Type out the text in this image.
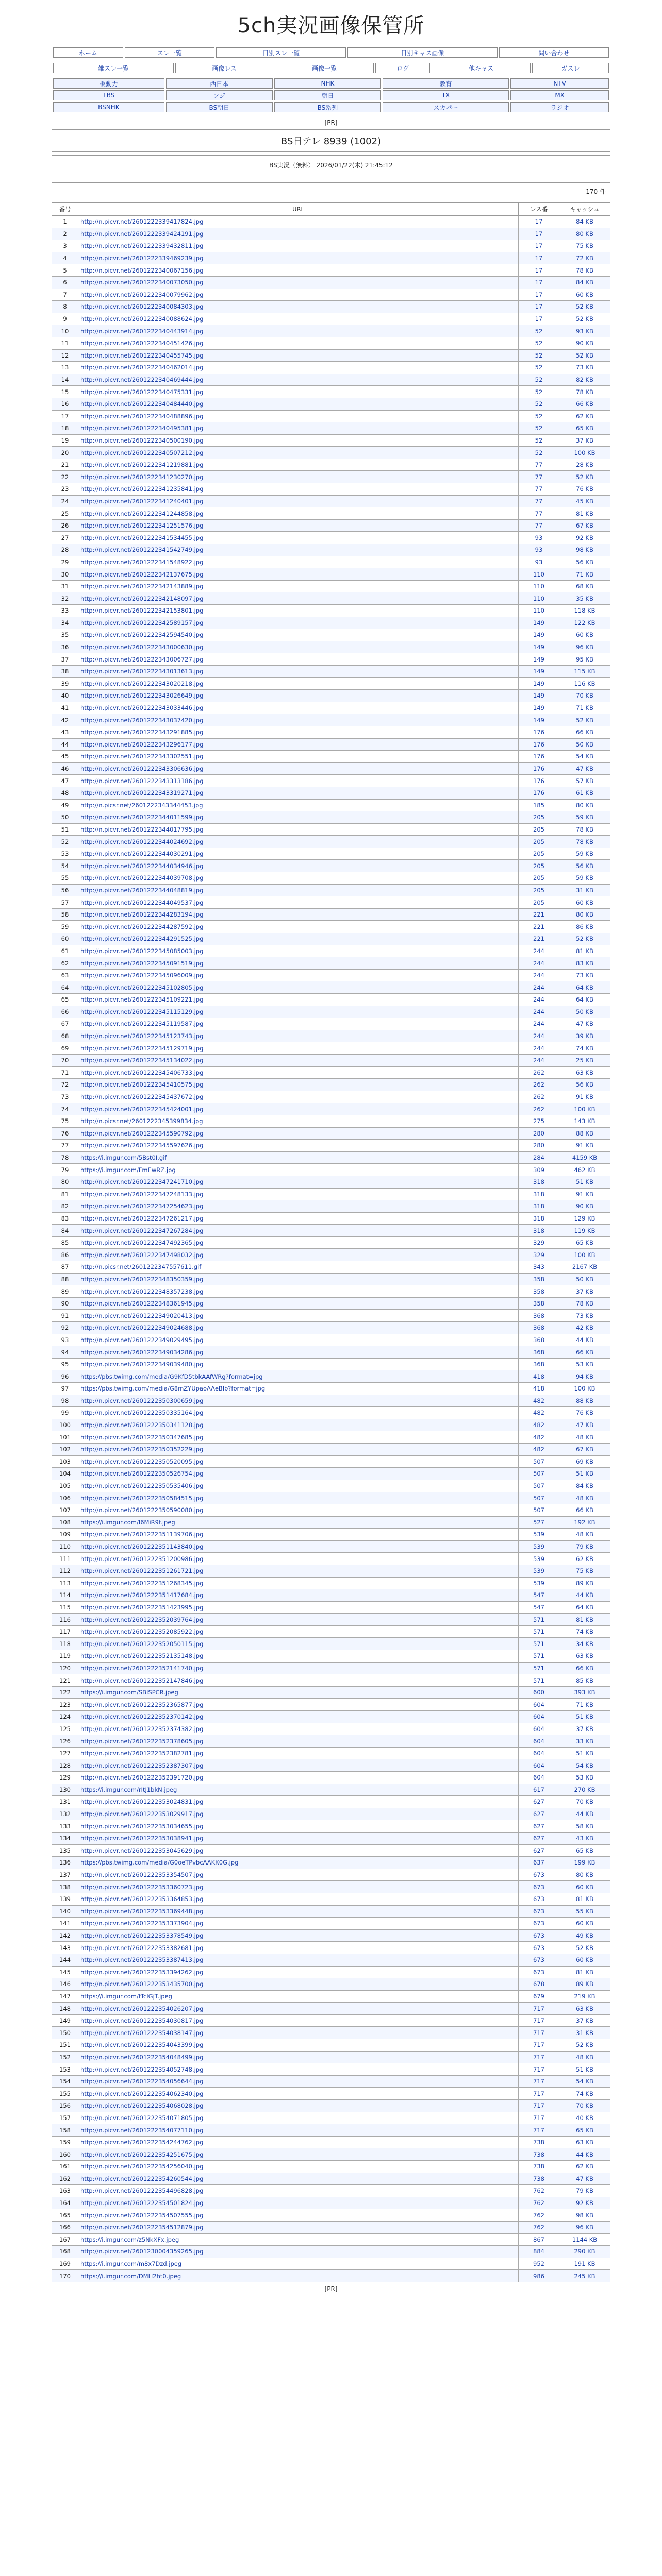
5ch実況画像保管所
ホーム	スレ一覧	日別スレ一覧	日別キャス画像	問い合わせ
雑スレ一覧	画像レス	画像一覧	ログ	他キャス	ガスレ
板動力	西日本	NHK	教育	NTV
TBS	フジ	朝日	TX	MX
BSNHK	BS朝日	BS系列	スカパー	ラジオ
[PR]
BS日テレ 8939 (1002)
BS実況（無料） 2026/01/22(木) 21:45:12
170 件
番号	URL	レス番	キャッシュ
1	http://n.picvr.net/2601222339417824.jpg	17	84 KB
2	http://n.picvr.net/2601222339424191.jpg	17	80 KB
3	http://n.picvr.net/2601222339432811.jpg	17	75 KB
4	http://n.picvr.net/2601222339469239.jpg	17	72 KB
5	http://n.picvr.net/2601222340067156.jpg	17	78 KB
6	http://n.picvr.net/2601222340073050.jpg	17	84 KB
7	http://n.picvr.net/2601222340079962.jpg	17	60 KB
8	http://n.picvr.net/2601222340084303.jpg	17	52 KB
9	http://n.picvr.net/2601222340088624.jpg	17	52 KB
10	http://n.picvr.net/2601222340443914.jpg	52	93 KB
11	http://n.picvr.net/2601222340451426.jpg	52	90 KB
12	http://n.picvr.net/2601222340455745.jpg	52	52 KB
13	http://n.picvr.net/2601222340462014.jpg	52	73 KB
14	http://n.picvr.net/2601222340469444.jpg	52	82 KB
15	http://n.picvr.net/2601222340475331.jpg	52	78 KB
16	http://n.picvr.net/2601222340484440.jpg	52	66 KB
17	http://n.picvr.net/2601222340488896.jpg	52	62 KB
18	http://n.picvr.net/2601222340495381.jpg	52	65 KB
19	http://n.picvr.net/2601222340500190.jpg	52	37 KB
20	http://n.picvr.net/2601222340507212.jpg	52	100 KB
21	http://n.picvr.net/2601222341219881.jpg	77	28 KB
22	http://n.picvr.net/2601222341230270.jpg	77	52 KB
23	http://n.picvr.net/2601222341235841.jpg	77	76 KB
24	http://n.picvr.net/2601222341240401.jpg	77	45 KB
25	http://n.picvr.net/2601222341244858.jpg	77	81 KB
26	http://n.picvr.net/2601222341251576.jpg	77	67 KB
27	http://n.picvr.net/2601222341534455.jpg	93	92 KB
28	http://n.picvr.net/2601222341542749.jpg	93	98 KB
29	http://n.picvr.net/2601222341548922.jpg	93	56 KB
30	http://n.picvr.net/2601222342137675.jpg	110	71 KB
31	http://n.picvr.net/2601222342143889.jpg	110	68 KB
32	http://n.picvr.net/2601222342148097.jpg	110	35 KB
33	http://n.picvr.net/2601222342153801.jpg	110	118 KB
34	http://n.picvr.net/2601222342589157.jpg	149	122 KB
35	http://n.picvr.net/2601222342594540.jpg	149	60 KB
36	http://n.picvr.net/2601222343000630.jpg	149	96 KB
37	http://n.picvr.net/2601222343006727.jpg	149	95 KB
38	http://n.picvr.net/2601222343013613.jpg	149	115 KB
39	http://n.picvr.net/2601222343020218.jpg	149	116 KB
40	http://n.picvr.net/2601222343026649.jpg	149	70 KB
41	http://n.picvr.net/2601222343033446.jpg	149	71 KB
42	http://n.picvr.net/2601222343037420.jpg	149	52 KB
43	http://n.picvr.net/2601222343291885.jpg	176	66 KB
44	http://n.picvr.net/2601222343296177.jpg	176	50 KB
45	http://n.picvr.net/2601222343302551.jpg	176	54 KB
46	http://n.picvr.net/2601222343306636.jpg	176	47 KB
47	http://n.picvr.net/2601222343313186.jpg	176	57 KB
48	http://n.picvr.net/2601222343319271.jpg	176	61 KB
49	http://n.picsr.net/2601222343344453.jpg	185	80 KB
50	http://n.picvr.net/2601222344011599.jpg	205	59 KB
51	http://n.picvr.net/2601222344017795.jpg	205	78 KB
52	http://n.picvr.net/2601222344024692.jpg	205	78 KB
53	http://n.picvr.net/2601222344030291.jpg	205	59 KB
54	http://n.picvr.net/2601222344034946.jpg	205	56 KB
55	http://n.picvr.net/2601222344039708.jpg	205	59 KB
56	http://n.picvr.net/2601222344048819.jpg	205	31 KB
57	http://n.picvr.net/2601222344049537.jpg	205	60 KB
58	http://n.picvr.net/2601222344283194.jpg	221	80 KB
59	http://n.picvr.net/2601222344287592.jpg	221	86 KB
60	http://n.picvr.net/2601222344291525.jpg	221	52 KB
61	http://n.picvr.net/2601222345085003.jpg	244	81 KB
62	http://n.picvr.net/2601222345091519.jpg	244	83 KB
63	http://n.picvr.net/2601222345096009.jpg	244	73 KB
64	http://n.picvr.net/2601222345102805.jpg	244	64 KB
65	http://n.picvr.net/2601222345109221.jpg	244	64 KB
66	http://n.picvr.net/2601222345115129.jpg	244	50 KB
67	http://n.picvr.net/2601222345119587.jpg	244	47 KB
68	http://n.picvr.net/2601222345123743.jpg	244	39 KB
69	http://n.picvr.net/2601222345129719.jpg	244	74 KB
70	http://n.picvr.net/2601222345134022.jpg	244	25 KB
71	http://n.picvr.net/2601222345406733.jpg	262	63 KB
72	http://n.picvr.net/2601222345410575.jpg	262	56 KB
73	http://n.picvr.net/2601222345437672.jpg	262	91 KB
74	http://n.picvr.net/2601222345424001.jpg	262	100 KB
75	http://n.picsr.net/2601222345399834.jpg	275	143 KB
76	http://n.picvr.net/2601222345590792.jpg	280	88 KB
77	http://n.picvr.net/2601222345597626.jpg	280	91 KB
78	https://i.imgur.com/5Bst0I.gif	284	4159 KB
79	https://i.imgur.com/FmEwRZ.jpg	309	462 KB
80	http://n.picvr.net/2601222347241710.jpg	318	51 KB
81	http://n.picvr.net/2601222347248133.jpg	318	91 KB
82	http://n.picvr.net/2601222347254623.jpg	318	90 KB
83	http://n.picvr.net/2601222347261217.jpg	318	129 KB
84	http://n.picvr.net/2601222347267284.jpg	318	119 KB
85	http://n.picvr.net/2601222347492365.jpg	329	65 KB
86	http://n.picvr.net/2601222347498032.jpg	329	100 KB
87	http://n.picsr.net/2601222347557611.gif	343	2167 KB
88	http://n.picvr.net/2601222348350359.jpg	358	50 KB
89	http://n.picvr.net/2601222348357238.jpg	358	37 KB
90	http://n.picvr.net/2601222348361945.jpg	358	78 KB
91	http://n.picvr.net/2601222349020413.jpg	368	73 KB
92	http://n.picvr.net/2601222349024688.jpg	368	42 KB
93	http://n.picvr.net/2601222349029495.jpg	368	44 KB
94	http://n.picvr.net/2601222349034286.jpg	368	66 KB
95	http://n.picvr.net/2601222349039480.jpg	368	53 KB
96	https://pbs.twimg.com/media/G9KfD5tbkAAfWRg?format=jpg	418	94 KB
97	https://pbs.twimg.com/media/G8mZYUpaoAAeBlb?format=jpg	418	100 KB
98	http://n.picvr.net/2601222350300659.jpg	482	88 KB
99	http://n.picvr.net/2601222350335164.jpg	482	76 KB
100	http://n.picvr.net/2601222350341128.jpg	482	47 KB
101	http://n.picvr.net/2601222350347685.jpg	482	48 KB
102	http://n.picvr.net/2601222350352229.jpg	482	67 KB
103	http://n.picvr.net/2601222350520095.jpg	507	69 KB
104	http://n.picvr.net/2601222350526754.jpg	507	51 KB
105	http://n.picvr.net/2601222350535406.jpg	507	84 KB
106	http://n.picvr.net/2601222350584515.jpg	507	48 KB
107	http://n.picvr.net/2601222350590080.jpg	507	66 KB
108	https://i.imgur.com/I6MiR9f.jpeg	527	192 KB
109	http://n.picvr.net/2601222351139706.jpg	539	48 KB
110	http://n.picvr.net/2601222351143840.jpg	539	79 KB
111	http://n.picvr.net/2601222351200986.jpg	539	62 KB
112	http://n.picvr.net/2601222351261721.jpg	539	75 KB
113	http://n.picvr.net/2601222351268345.jpg	539	89 KB
114	http://n.picvr.net/2601222351417684.jpg	547	44 KB
115	http://n.picvr.net/2601222351423995.jpg	547	64 KB
116	http://n.picvr.net/2601222352039764.jpg	571	81 KB
117	http://n.picvr.net/2601222352085922.jpg	571	74 KB
118	http://n.picvr.net/2601222352050115.jpg	571	34 KB
119	http://n.picvr.net/2601222352135148.jpg	571	63 KB
120	http://n.picvr.net/2601222352141740.jpg	571	66 KB
121	http://n.picvr.net/2601222352147846.jpg	571	85 KB
122	https://i.imgur.com/SBISPCR.jpeg	600	393 KB
123	http://n.picvr.net/2601222352365877.jpg	604	71 KB
124	http://n.picvr.net/2601222352370142.jpg	604	51 KB
125	http://n.picvr.net/2601222352374382.jpg	604	37 KB
126	http://n.picvr.net/2601222352378605.jpg	604	33 KB
127	http://n.picvr.net/2601222352382781.jpg	604	51 KB
128	http://n.picvr.net/2601222352387307.jpg	604	54 KB
129	http://n.picvr.net/2601222352391720.jpg	604	53 KB
130	https://i.imgur.com/rItJ1bkN.jpeg	617	270 KB
131	http://n.picvr.net/2601222353024831.jpg	627	70 KB
132	http://n.picvr.net/2601222353029917.jpg	627	44 KB
133	http://n.picvr.net/2601222353034655.jpg	627	58 KB
134	http://n.picvr.net/2601222353038941.jpg	627	43 KB
135	http://n.picvr.net/2601222353045629.jpg	627	65 KB
136	https://pbs.twimg.com/media/G0oeTPvbcAAKK0G.jpg	637	199 KB
137	http://n.picvr.net/2601222353354507.jpg	673	80 KB
138	http://n.picvr.net/2601222353360723.jpg	673	60 KB
139	http://n.picvr.net/2601222353364853.jpg	673	81 KB
140	http://n.picvr.net/2601222353369448.jpg	673	55 KB
141	http://n.picvr.net/2601222353373904.jpg	673	60 KB
142	http://n.picvr.net/2601222353378549.jpg	673	49 KB
143	http://n.picvr.net/2601222353382681.jpg	673	52 KB
144	http://n.picvr.net/2601222353387413.jpg	673	60 KB
145	http://n.picvr.net/2601222353394262.jpg	673	81 KB
146	http://n.picvr.net/2601222353435700.jpg	678	89 KB
147	https://i.imgur.com/fTcIGjT.jpeg	679	219 KB
148	http://n.picvr.net/2601222354026207.jpg	717	63 KB
149	http://n.picvr.net/2601222354030817.jpg	717	37 KB
150	http://n.picvr.net/2601222354038147.jpg	717	31 KB
151	http://n.picvr.net/2601222354043399.jpg	717	52 KB
152	http://n.picvr.net/2601222354048499.jpg	717	48 KB
153	http://n.picvr.net/2601222354052748.jpg	717	51 KB
154	http://n.picvr.net/2601222354056644.jpg	717	54 KB
155	http://n.picvr.net/2601222354062340.jpg	717	74 KB
156	http://n.picvr.net/2601222354068028.jpg	717	70 KB
157	http://n.picvr.net/2601222354071805.jpg	717	40 KB
158	http://n.picvr.net/2601222354077110.jpg	717	65 KB
159	http://n.picvr.net/2601222354244762.jpg	738	63 KB
160	http://n.picvr.net/2601222354251675.jpg	738	44 KB
161	http://n.picvr.net/2601222354256040.jpg	738	62 KB
162	http://n.picvr.net/2601222354260544.jpg	738	47 KB
163	http://n.picvr.net/2601222354496828.jpg	762	79 KB
164	http://n.picvr.net/2601222354501824.jpg	762	92 KB
165	http://n.picvr.net/2601222354507555.jpg	762	98 KB
166	http://n.picvr.net/2601222354512879.jpg	762	96 KB
167	https://i.imgur.com/z5NkXFx.jpeg	867	1144 KB
168	http://n.picvr.net/2601230004359265.jpg	884	290 KB
169	https://i.imgur.com/m8x7Dzd.jpeg	952	191 KB
170	https://i.imgur.com/DMH2ht0.jpeg	986	245 KB
[PR]
